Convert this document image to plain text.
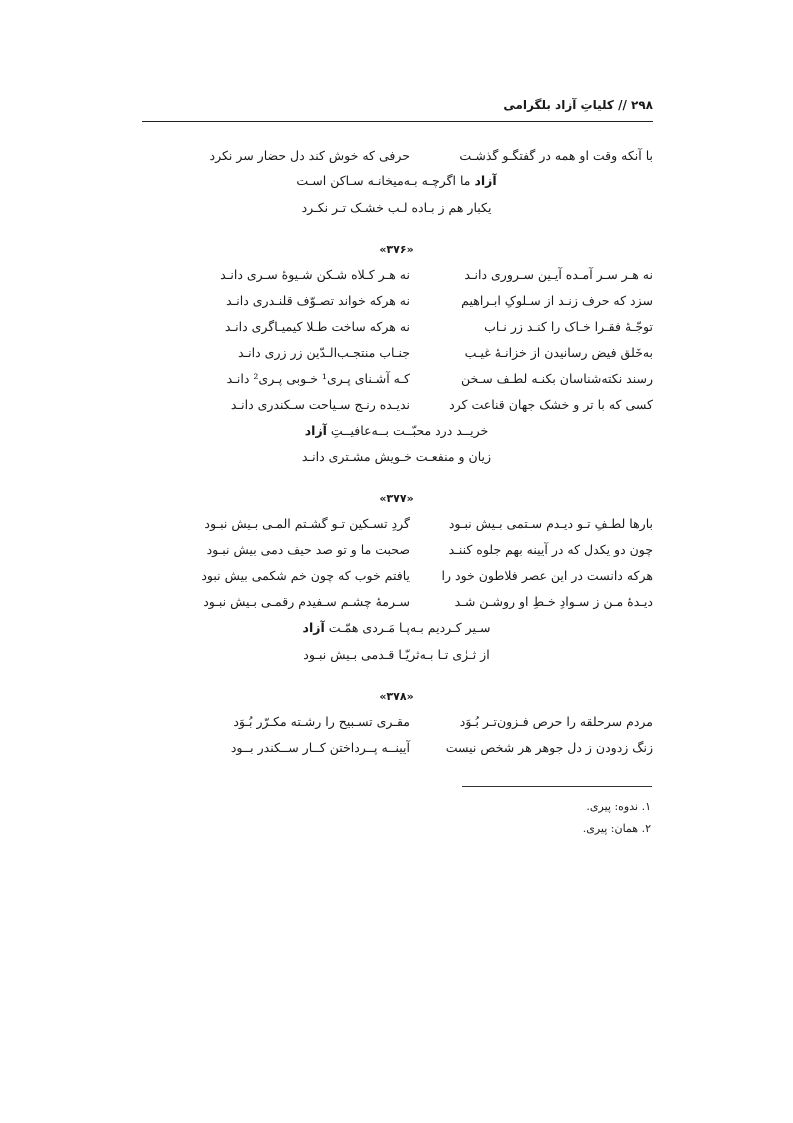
۲۹۸ // کلیاتِ آزاد بلگرامی
با آنکه وقت او همه در گفتگـو گذشـت
حرفی که خوش کند دل حضار سر نکرد
آزاد ما اگرچـه بـه‌میخانـه سـاکن اسـت
یکبار هم ز بـاده لـب خشـک تـر نکـرد
«۳۷۶»
نه هـر سـر آمـده آیـین سـروری دانـد
نه هـر کـلاه شـکن شـیوهٔ سـری دانـد
سزد که حرف زنـد از سـلوکِ ابـراهیم
نه هرکه خواند تصـوّف قلنـدری دانـد
توجّـهٔ فقـرا خـاک را کنـد زر نـاب
نه هرکه ساخت طـلا کیمیـاگری دانـد
به‌خَلق فیض رسانیدن از خزانـهٔ غیـب
جنـاب منتجـب‌الـدّین زر زری دانـد
رسند نکته‌شناسان بکنـه لطـف سـخن
کـه آشـنای پـری¹ خـوبی پـری² دانـد
کسی که با تر و خشک جهان قناعت کرد
ندیـده رنـج سـیاحت سـکندری دانـد
خریــد درد محبّــت بــه‌عافیــتِ آزاد
زیان و منفعـت خـویش مشـتری دانـد
«۳۷۷»
بارها لطـفِ تـو دیـدم سـتمی بـیش نبـود
گردِ تسـکین تـو گشـتم المـی بـیش نبـود
چون دو یکدل که در آیینه بهم جلوه کننـد
صحبت ما و تو صد حیف دمی بیش نبـود
هرکه دانست در این عصر فلاطون خود را
یافتم خوب که چون خم شکمی بیش نبود
دیـدهٔ مـن ز سـوادِ خـطِ او روشـن شـد
سـرمهٔ چشـم سـفیدم رقمـی بـیش نبـود
سـیر کـردیم بـه‌پـا مَـردی همّـت آزاد
از ثـرٰی تـا بـه‌ثریّـا قـدمی بـیش نبـود
«۳۷۸»
مردم سرحلقه را حرص فـزون‌تـر بُـوَد
مقـری تسـبیح را رشـته مکـرّر بُـوَد
زنگ زدودن ز دل جوهر هر شخص نیست
آیینــه پــرداختن کــار ســکندر بــود
۱. ندوه: پیری.
۲. همان: پیری.
